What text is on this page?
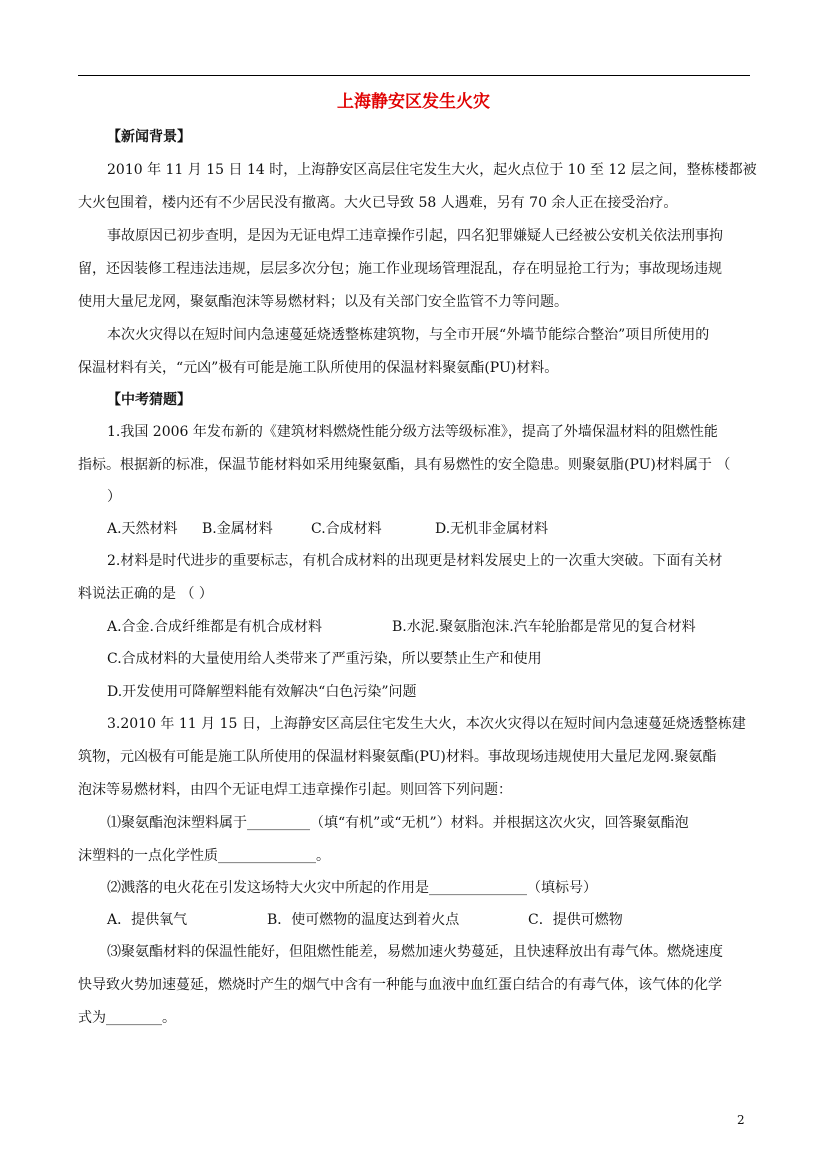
上海静安区发生火灾
【新闻背景】
2010 年 11 月 15 日 14 时，上海静安区高层住宅发生大火，起火点位于 10 至 12 层之间，整栋楼都被
大火包围着，楼内还有不少居民没有撤离。大火已导致 58 人遇难，另有 70 余人正在接受治疗。
事故原因已初步查明，是因为无证电焊工违章操作引起，四名犯罪嫌疑人已经被公安机关依法刑事拘
留，还因装修工程违法违规，层层多次分包；施工作业现场管理混乱，存在明显抢工行为；事故现场违规
使用大量尼龙网，聚氨酯泡沫等易燃材料；以及有关部门安全监管不力等问题。
本次火灾得以在短时间内急速蔓延烧透整栋建筑物，与全市开展“外墙节能综合整治”项目所使用的
保温材料有关，“元凶”极有可能是施工队所使用的保温材料聚氨酯(PU)材料。
【中考猜题】
1.我国 2006 年发布新的《建筑材料燃烧性能分级方法等级标准》，提高了外墙保温材料的阻燃性能
指标。根据新的标准，保温节能材料如采用纯聚氨酯，具有易燃性的安全隐患。则聚氨脂(PU)材料属于 （
）
A.天然材料 B.金属材料	C.合成材料	D.无机非金属材料
2.材料是时代进步的重要标志，有机合成材料的出现更是材料发展史上的一次重大突破。下面有关材
料说法正确的是 （ ）
A.合金.合成纤维都是有机合成材料	B.水泥.聚氨脂泡沫.汽车轮胎都是常见的复合材料
C.合成材料的大量使用给人类带来了严重污染，所以要禁止生产和使用
D.开发使用可降解塑料能有效解决“白色污染”问题
3.2010 年 11 月 15 日，上海静安区高层住宅发生大火，本次火灾得以在短时间内急速蔓延烧透整栋建
筑物，元凶极有可能是施工队所使用的保温材料聚氨酯(PU)材料。事故现场违规使用大量尼龙网.聚氨酯
泡沫等易燃材料，由四个无证电焊工违章操作引起。则回答下列问题：
⑴聚氨酯泡沫塑料属于_________（填“有机”或“无机”）材料。并根据这次火灾，回答聚氨酯泡
沫塑料的一点化学性质______________。
⑵溅落的电火花在引发这场特大火灾中所起的作用是______________（填标号）
A．提供氧气	B．使可燃物的温度达到着火点	C．提供可燃物
⑶聚氨酯材料的保温性能好，但阻燃性能差，易燃加速火势蔓延，且快速释放出有毒气体。燃烧速度
快导致火势加速蔓延，燃烧时产生的烟气中含有一种能与血液中血红蛋白结合的有毒气体，该气体的化学
式为________。
2
